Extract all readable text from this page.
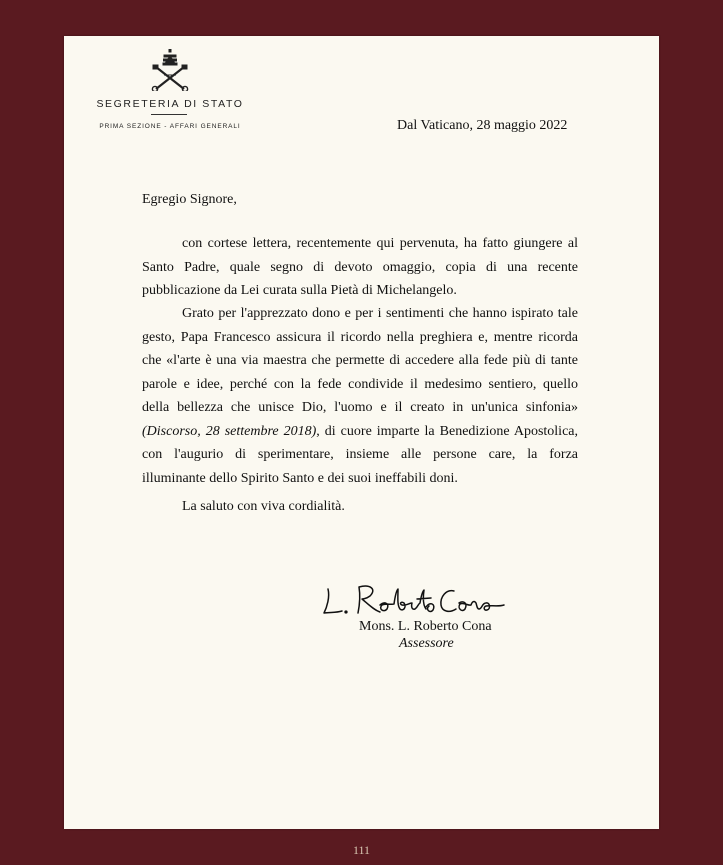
SEGRETERIA DI STATO
PRIMA SEZIONE - AFFARI GENERALI	Dal Vaticano, 28 maggio 2022
Egregio Signore,
con cortese lettera, recentemente qui pervenuta, ha fatto giungere al
Santo Padre, quale segno di devoto omaggio, copia di una recente
pubblicazione da Lei curata sulla Pietà di Michelangelo.
Grato per l'apprezzato dono e per i sentimenti che hanno ispirato tale
gesto, Papa Francesco assicura il ricordo nella preghiera e, mentre ricorda
che «l'arte è una via maestra che permette di accedere alla fede più di tante
parole e idee, perché con la fede condivide il medesimo sentiero, quello
della bellezza che unisce Dio, l'uomo e il creato in un'unica sinfonia»
(Discorso, 28 settembre 2018), di cuore imparte la Benedizione Apostolica,
con l'augurio di sperimentare, insieme alle persone care, la forza
illuminante dello Spirito Santo e dei suoi ineffabili doni.
La saluto con viva cordialità.
Mons. L. Roberto Cona
Assessore
111
